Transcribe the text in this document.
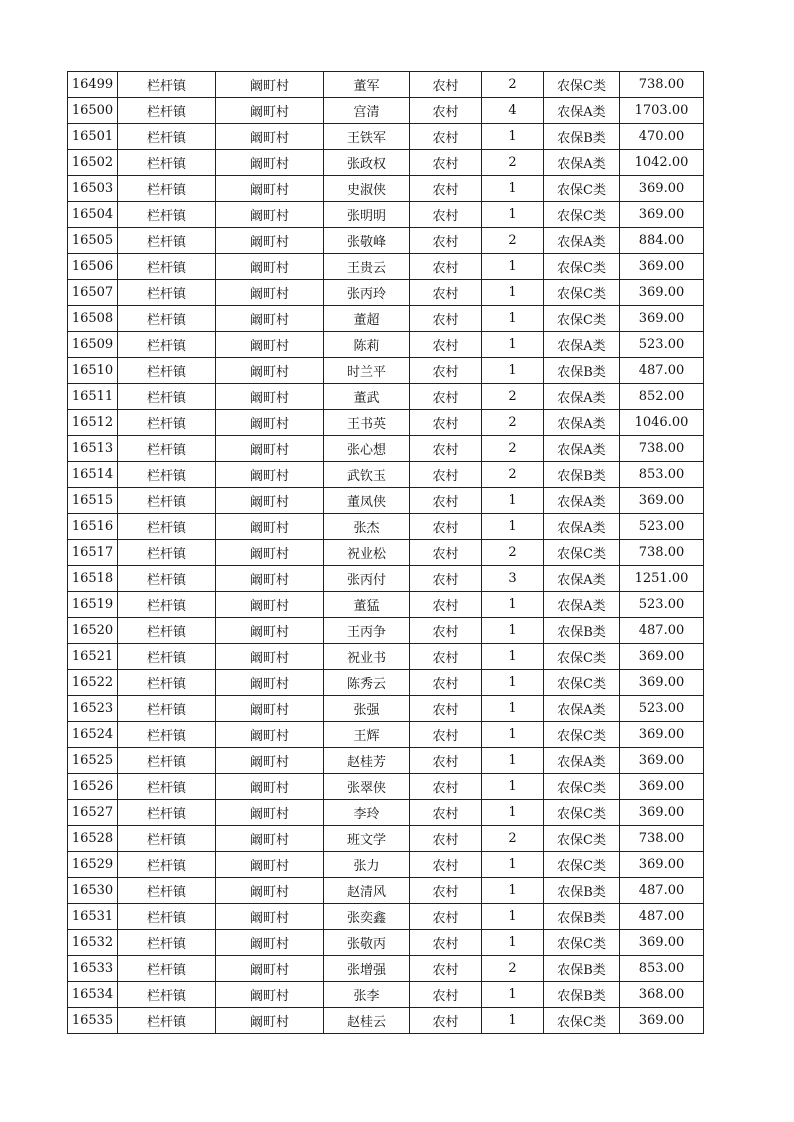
16499	栏杆镇	阚町村	董军	农村	2	农保C类	738.00
16500	栏杆镇	阚町村	宫清	农村	4	农保A类	1703.00
16501	栏杆镇	阚町村	王铁军	农村	1	农保B类	470.00
16502	栏杆镇	阚町村	张政权	农村	2	农保A类	1042.00
16503	栏杆镇	阚町村	史淑侠	农村	1	农保C类	369.00
16504	栏杆镇	阚町村	张明明	农村	1	农保C类	369.00
16505	栏杆镇	阚町村	张敬峰	农村	2	农保A类	884.00
16506	栏杆镇	阚町村	王贵云	农村	1	农保C类	369.00
16507	栏杆镇	阚町村	张丙玲	农村	1	农保C类	369.00
16508	栏杆镇	阚町村	董超	农村	1	农保C类	369.00
16509	栏杆镇	阚町村	陈莉	农村	1	农保A类	523.00
16510	栏杆镇	阚町村	时兰平	农村	1	农保B类	487.00
16511	栏杆镇	阚町村	董武	农村	2	农保A类	852.00
16512	栏杆镇	阚町村	王书英	农村	2	农保A类	1046.00
16513	栏杆镇	阚町村	张心想	农村	2	农保A类	738.00
16514	栏杆镇	阚町村	武钦玉	农村	2	农保B类	853.00
16515	栏杆镇	阚町村	董凤侠	农村	1	农保A类	369.00
16516	栏杆镇	阚町村	张杰	农村	1	农保A类	523.00
16517	栏杆镇	阚町村	祝业松	农村	2	农保C类	738.00
16518	栏杆镇	阚町村	张丙付	农村	3	农保A类	1251.00
16519	栏杆镇	阚町村	董猛	农村	1	农保A类	523.00
16520	栏杆镇	阚町村	王丙争	农村	1	农保B类	487.00
16521	栏杆镇	阚町村	祝业书	农村	1	农保C类	369.00
16522	栏杆镇	阚町村	陈秀云	农村	1	农保C类	369.00
16523	栏杆镇	阚町村	张强	农村	1	农保A类	523.00
16524	栏杆镇	阚町村	王辉	农村	1	农保C类	369.00
16525	栏杆镇	阚町村	赵桂芳	农村	1	农保A类	369.00
16526	栏杆镇	阚町村	张翠侠	农村	1	农保C类	369.00
16527	栏杆镇	阚町村	李玲	农村	1	农保C类	369.00
16528	栏杆镇	阚町村	班文学	农村	2	农保C类	738.00
16529	栏杆镇	阚町村	张力	农村	1	农保C类	369.00
16530	栏杆镇	阚町村	赵清风	农村	1	农保B类	487.00
16531	栏杆镇	阚町村	张奕鑫	农村	1	农保B类	487.00
16532	栏杆镇	阚町村	张敬丙	农村	1	农保C类	369.00
16533	栏杆镇	阚町村	张增强	农村	2	农保B类	853.00
16534	栏杆镇	阚町村	张李	农村	1	农保B类	368.00
16535	栏杆镇	阚町村	赵桂云	农村	1	农保C类	369.00
